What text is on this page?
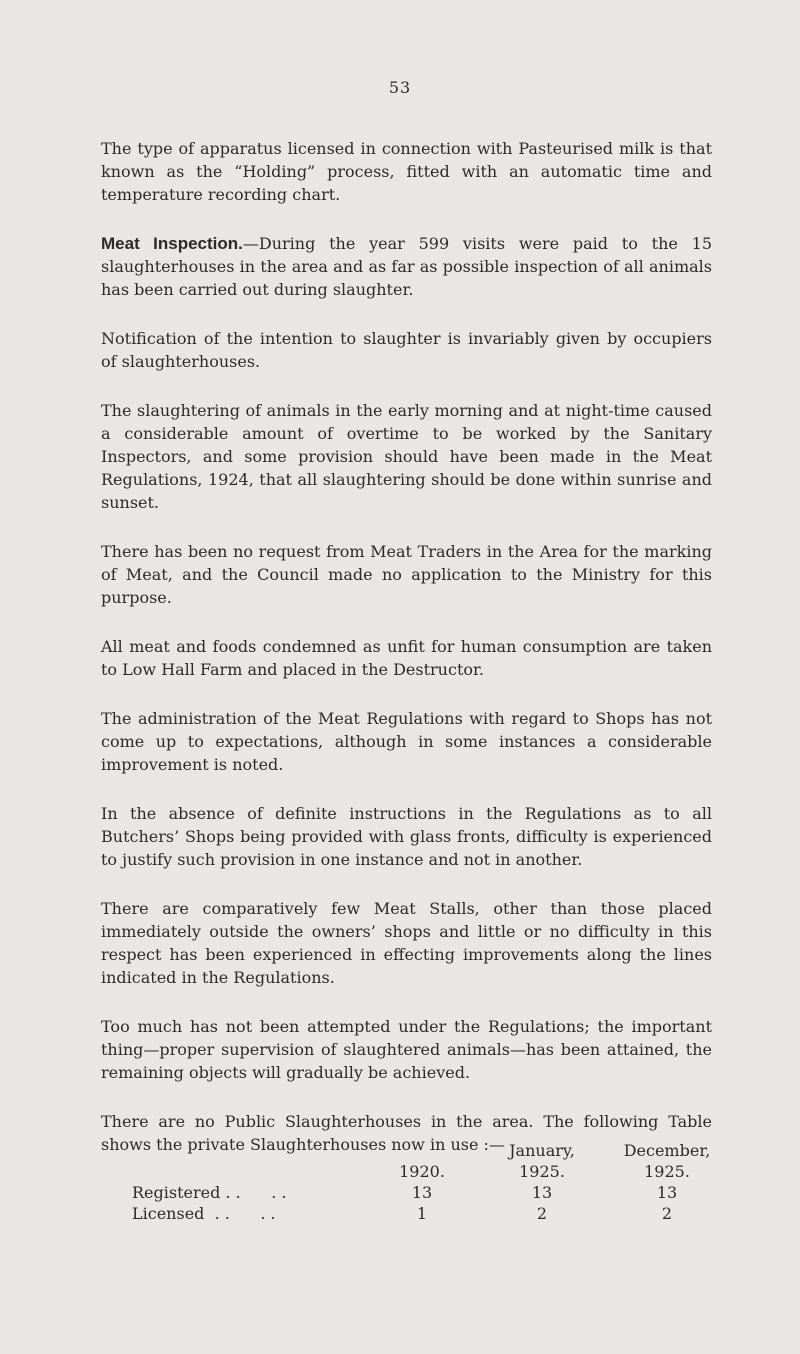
53

The type of apparatus licensed in connection with Pasteurised milk is that known as the “Holding” process, fitted with an automatic time and temperature recording chart.

Meat Inspection.—During the year 599 visits were paid to the 15 slaughterhouses in the area and as far as possible inspection of all animals has been carried out during slaughter.

Notification of the intention to slaughter is invariably given by occupiers of slaughterhouses.

The slaughtering of animals in the early morning and at night-time caused a considerable amount of overtime to be worked by the Sanitary Inspectors, and some provision should have been made in the Meat Regulations, 1924, that all slaughtering should be done within sunrise and sunset.

There has been no request from Meat Traders in the Area for the marking of Meat, and the Council made no application to the Ministry for this purpose.

All meat and foods condemned as unfit for human consumption are taken to Low Hall Farm and placed in the Destructor.

The administration of the Meat Regulations with regard to Shops has not come up to expectations, although in some instances a considerable improvement is noted.

In the absence of definite instructions in the Regulations as to all Butchers’ Shops being provided with glass fronts, difficulty is experienced to justify such provision in one instance and not in another.

There are comparatively few Meat Stalls, other than those placed immediately outside the owners’ shops and little or no difficulty in this respect has been experienced in effecting improvements along the lines indicated in the Regulations.

Too much has not been attempted under the Regulations; the important thing—proper supervision of slaughtered animals—has been attained, the remaining objects will gradually be achieved.

There are no Public Slaughterhouses in the area. The following Table shows the private Slaughterhouses now in use :—

		January,	December,
	1920.	1925.	1925.
Registered . .      . .	13	13	13
Licensed  . .      . .	1	2	2
